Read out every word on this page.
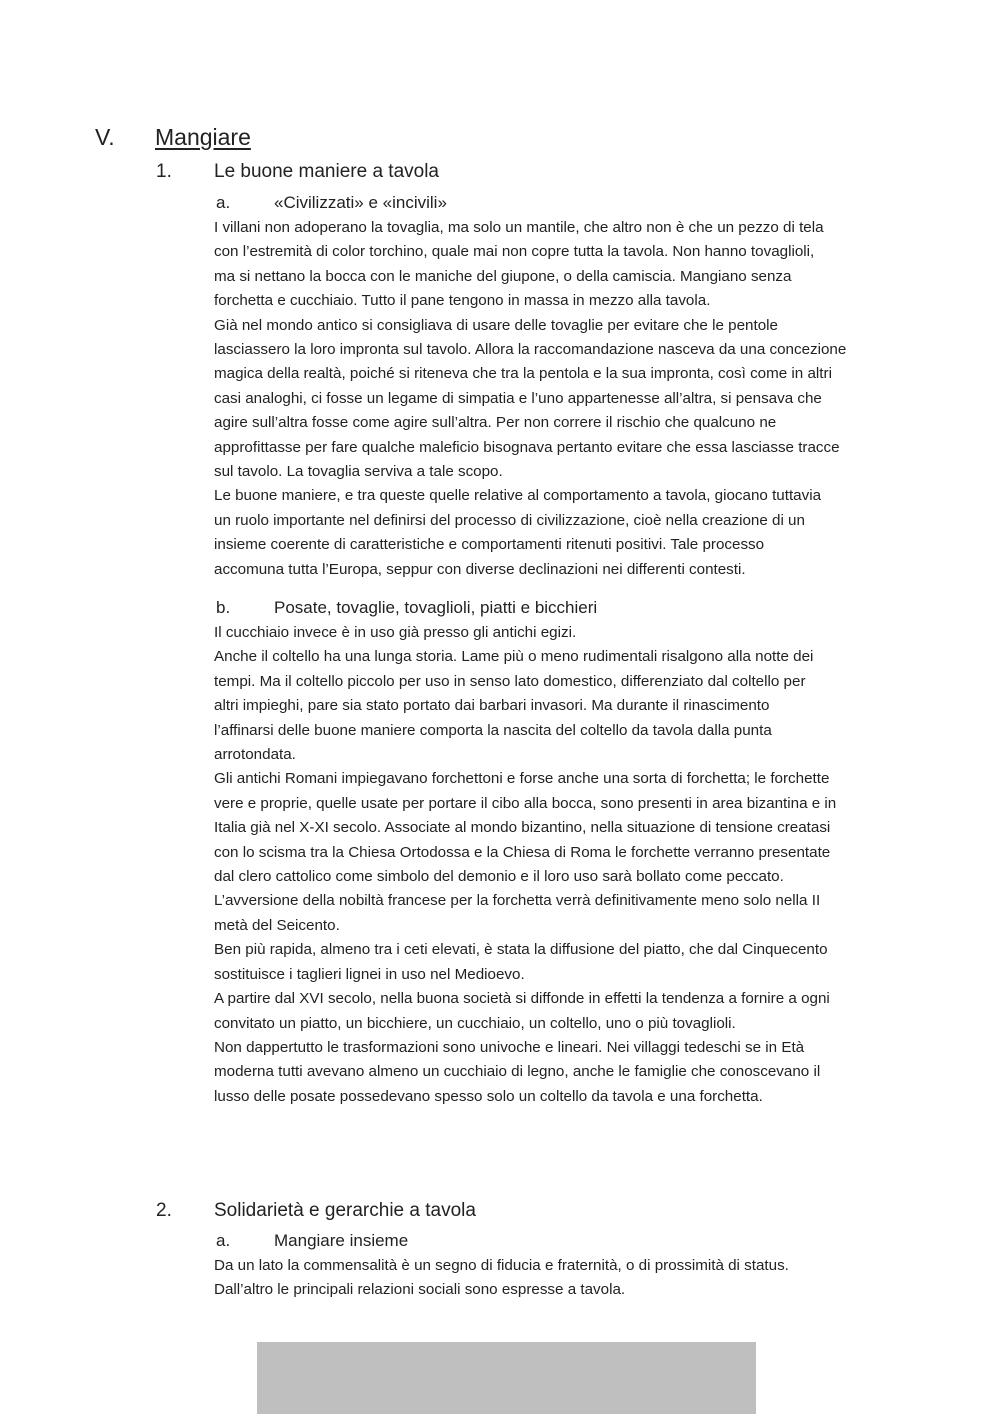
V. Mangiare
1. Le buone maniere a tavola
a.	«Civilizzati» e «incivili»

I villani non adoperano la tovaglia, ma solo un mantile, che altro non è che un pezzo di tela

con l’estremità di color torchino, quale mai non copre tutta la tavola. Non hanno tovaglioli,

ma si nettano la bocca con le maniche del giupone, o della camiscia. Mangiano senza

forchetta e cucchiaio. Tutto il pane tengono in massa in mezzo alla tavola.

Già nel mondo antico si consigliava di usare delle tovaglie per evitare che le pentole

lasciassero la loro impronta sul tavolo. Allora la raccomandazione nasceva da una concezione

magica della realtà, poiché si riteneva che tra la pentola e la sua impronta, così come in altri

casi analoghi, ci fosse un legame di simpatia e l’uno appartenesse all’altra, si pensava che

agire sull’altra fosse come agire sull’altra. Per non correre il rischio che qualcuno ne

approfittasse per fare qualche maleficio bisognava pertanto evitare che essa lasciasse tracce

sul tavolo. La tovaglia serviva a tale scopo.

Le buone maniere, e tra queste quelle relative al comportamento a tavola, giocano tuttavia

un ruolo importante nel definirsi del processo di civilizzazione, cioè nella creazione di un

insieme coerente di caratteristiche e comportamenti ritenuti positivi. Tale processo

accomuna tutta l’Europa, seppur con diverse declinazioni nei differenti contesti.

b.	Posate, tovaglie, tovaglioli, piatti e bicchieri

Il cucchiaio invece è in uso già presso gli antichi egizi.

Anche il coltello ha una lunga storia. Lame più o meno rudimentali risalgono alla notte dei

tempi. Ma il coltello piccolo per uso in senso lato domestico, differenziato dal coltello per

altri impieghi, pare sia stato portato dai barbari invasori. Ma durante il rinascimento

l’affinarsi delle buone maniere comporta la nascita del coltello da tavola dalla punta

arrotondata.

Gli antichi Romani impiegavano forchettoni e forse anche una sorta di forchetta; le forchette

vere e proprie, quelle usate per portare il cibo alla bocca, sono presenti in area bizantina e in

Italia già nel X-XI secolo. Associate al mondo bizantino, nella situazione di tensione creatasi

con lo scisma tra la Chiesa Ortodossa e la Chiesa di Roma le forchette verranno presentate

dal clero cattolico come simbolo del demonio e il loro uso sarà bollato come peccato.

L’avversione della nobiltà francese per la forchetta verrà definitivamente meno solo nella II

metà del Seicento.

Ben più rapida, almeno tra i ceti elevati, è stata la diffusione del piatto, che dal Cinquecento

sostituisce i taglieri lignei in uso nel Medioevo.

A partire dal XVI secolo, nella buona società si diffonde in effetti la tendenza a fornire a ogni

convitato un piatto, un bicchiere, un cucchiaio, un coltello, uno o più tovaglioli.

Non dappertutto le trasformazioni sono univoche e lineari. Nei villaggi tedeschi se in Età

moderna tutti avevano almeno un cucchiaio di legno, anche le famiglie che conoscevano il

lusso delle posate possedevano spesso solo un coltello da tavola e una forchetta.

2. Solidarietà e gerarchie a tavola
a.	Mangiare insieme

Da un lato la commensalità è un segno di fiducia e fraternità, o di prossimità di status.

Dall’altro le principali relazioni sociali sono espresse a tavola.
